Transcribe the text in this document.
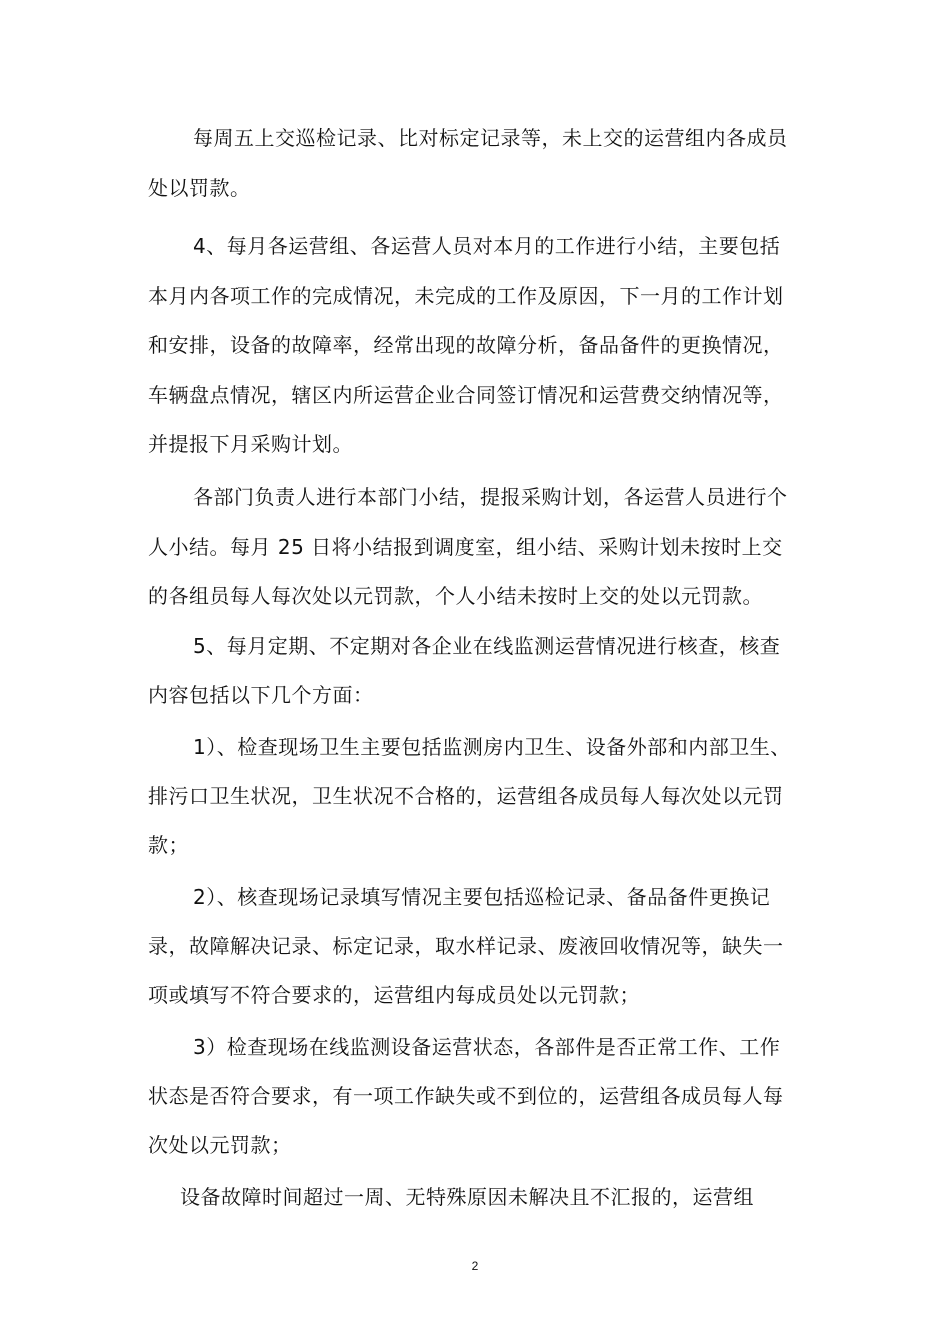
每周五上交巡检记录、比对标定记录等，未上交的运营组内各成员
处以罚款。
4、每月各运营组、各运营人员对本月的工作进行小结，主要包括
本月内各项工作的完成情况，未完成的工作及原因，下一月的工作计划
和安排，设备的故障率，经常出现的故障分析，备品备件的更换情况，
车辆盘点情况，辖区内所运营企业合同签订情况和运营费交纳情况等，
并提报下月采购计划。
各部门负责人进行本部门小结，提报采购计划，各运营人员进行个
人小结。每月 25 日将小结报到调度室，组小结、采购计划未按时上交
的各组员每人每次处以元罚款，个人小结未按时上交的处以元罚款。
5、每月定期、不定期对各企业在线监测运营情况进行核查，核查
内容包括以下几个方面：
1）、检查现场卫生主要包括监测房内卫生、设备外部和内部卫生、
排污口卫生状况，卫生状况不合格的，运营组各成员每人每次处以元罚
款；
2）、核查现场记录填写情况主要包括巡检记录、备品备件更换记
录，故障解决记录、标定记录，取水样记录、废液回收情况等，缺失一
项或填写不符合要求的，运营组内每成员处以元罚款；
3）检查现场在线监测设备运营状态，各部件是否正常工作、工作
状态是否符合要求，有一项工作缺失或不到位的，运营组各成员每人每
次处以元罚款；
设备故障时间超过一周、无特殊原因未解决且不汇报的，运营组
2
